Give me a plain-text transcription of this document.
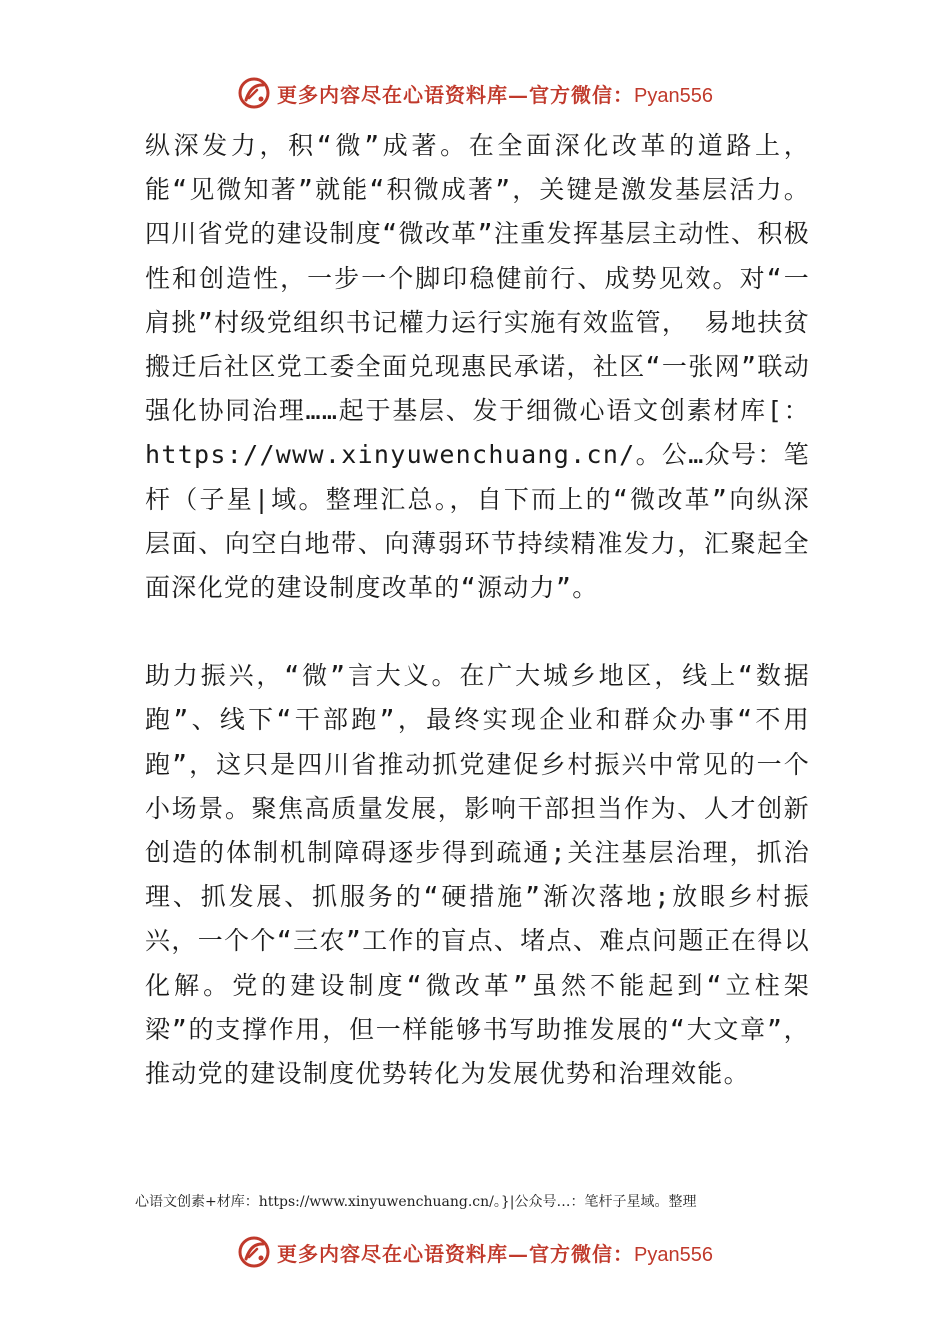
更多内容尽在心语资料库—官方微信：Pyan556

纵深发力，积“微”成著。在全面深化改革的道路上，能“见微知著”就能“积微成著”，关键是激发基层活力。四川省党的建设制度“微改革”注重发挥基层主动性、积极性和创造性，一步一个脚印稳健前行、成势见效。对“一肩挑”村级党组织书记權力运行实施有效监管， 易地扶贫搬迁后社区党工委全面兑现惠民承诺，社区“一张网”联动强化协同治理……起于基层、发于细微心语文创素材库[：https://www.xinyuwenchuang.cn/。公…众号：笔杆（子星|域。整理汇总。，自下而上的“微改革”向纵深层面、向空白地带、向薄弱环节持续精准发力，汇聚起全面深化党的建设制度改革的“源动力”。

助力振兴，“微”言大义。在广大城乡地区，线上“数据跑”、线下“干部跑”，最终实现企业和群众办事“不用跑”，这只是四川省推动抓党建促乡村振兴中常见的一个小场景。聚焦高质量发展，影响干部担当作为、人才创新创造的体制机制障碍逐步得到疏通;关注基层治理，抓治理、抓发展、抓服务的“硬措施”渐次落地;放眼乡村振兴，一个个“三农”工作的盲点、堵点、难点问题正在得以化解。党的建设制度“微改革”虽然不能起到“立柱架梁”的支撑作用，但一样能够书写助推发展的“大文章”，推动党的建设制度优势转化为发展优势和治理效能。

心语文创素+材库：https://www.xinyuwenchuang.cn/。}|公众号…：笔杆子星域。整理
更多内容尽在心语资料库—官方微信：Pyan556
